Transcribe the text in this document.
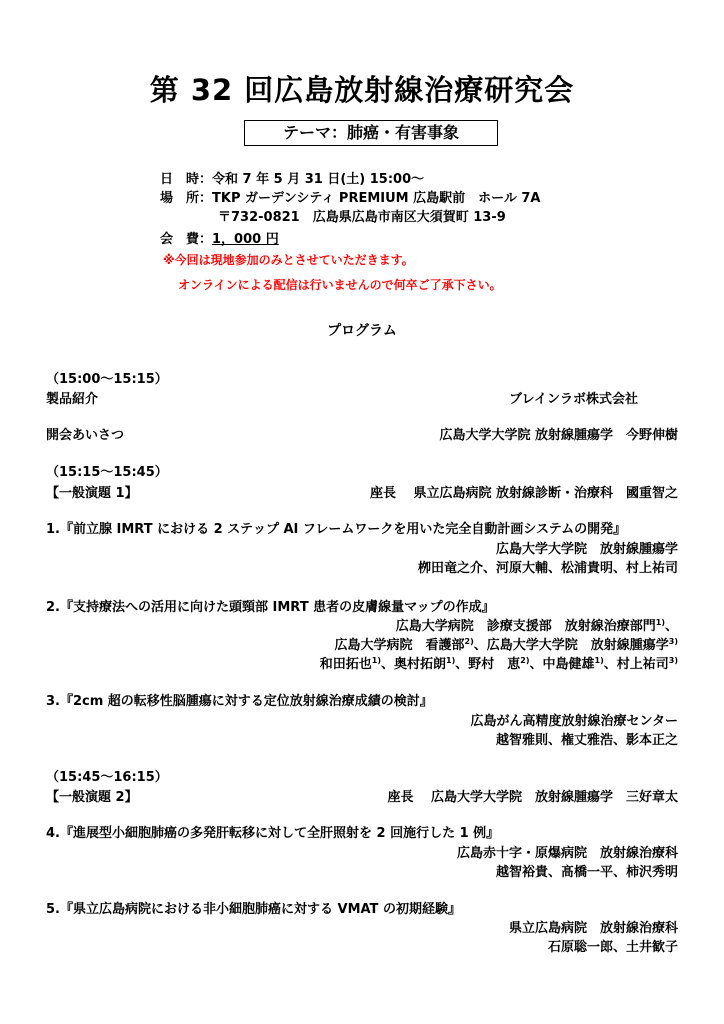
第 32 回広島放射線治療研究会
テーマ：肺癌・有害事象
日　時：令和 7 年 5 月 31 日(土) 15:00～
場　所：TKP ガーデンシティ PREMIUM 広島駅前　ホール 7A
〒732-0821　広島県広島市南区大須賀町 13-9
会　費：1，000 円
※今回は現地参加のみとさせていただきます。
オンラインによる配信は行いませんので何卒ご了承下さい。
プログラム
（15:00～15:15）
製品紹介	ブレインラボ株式会社
開会あいさつ	広島大学大学院 放射線腫瘍学　今野伸樹
（15:15～15:45）
【一般演題 1】	座長　 県立広島病院 放射線診断・治療科　國重智之
1.『前立腺 IMRT における 2 ステップ AI フレームワークを用いた完全自動計画システムの開発』
広島大学大学院　放射線腫瘍学
栁田竜之介、河原大輔、松浦貴明、村上祐司
2.『支持療法への活用に向けた頭頸部 IMRT 患者の皮膚線量マップの作成』
広島大学病院　診療支援部　放射線治療部門$^{1)}$、
広島大学病院　看護部$^{2)}$、広島大学大学院　放射線腫瘍学$^{3)}$
和田拓也$^{1)}$、奥村拓朗$^{1)}$、野村　恵$^{2)}$、中島健雄$^{1)}$、村上祐司$^{3)}$
3.『2cm 超の転移性脳腫瘍に対する定位放射線治療成績の検討』
広島がん高精度放射線治療センター
越智雅則、権丈雅浩、影本正之
（15:45～16:15）
【一般演題 2】	座長　 広島大学大学院　放射線腫瘍学　三好章太
4.『進展型小細胞肺癌の多発肝転移に対して全肝照射を 2 回施行した 1 例』
広島赤十字・原爆病院　放射線治療科
越智裕貴、髙橋一平、柿沢秀明
5.『県立広島病院における非小細胞肺癌に対する VMAT の初期経験』
県立広島病院　放射線治療科
石原聡一郎、土井歓子
